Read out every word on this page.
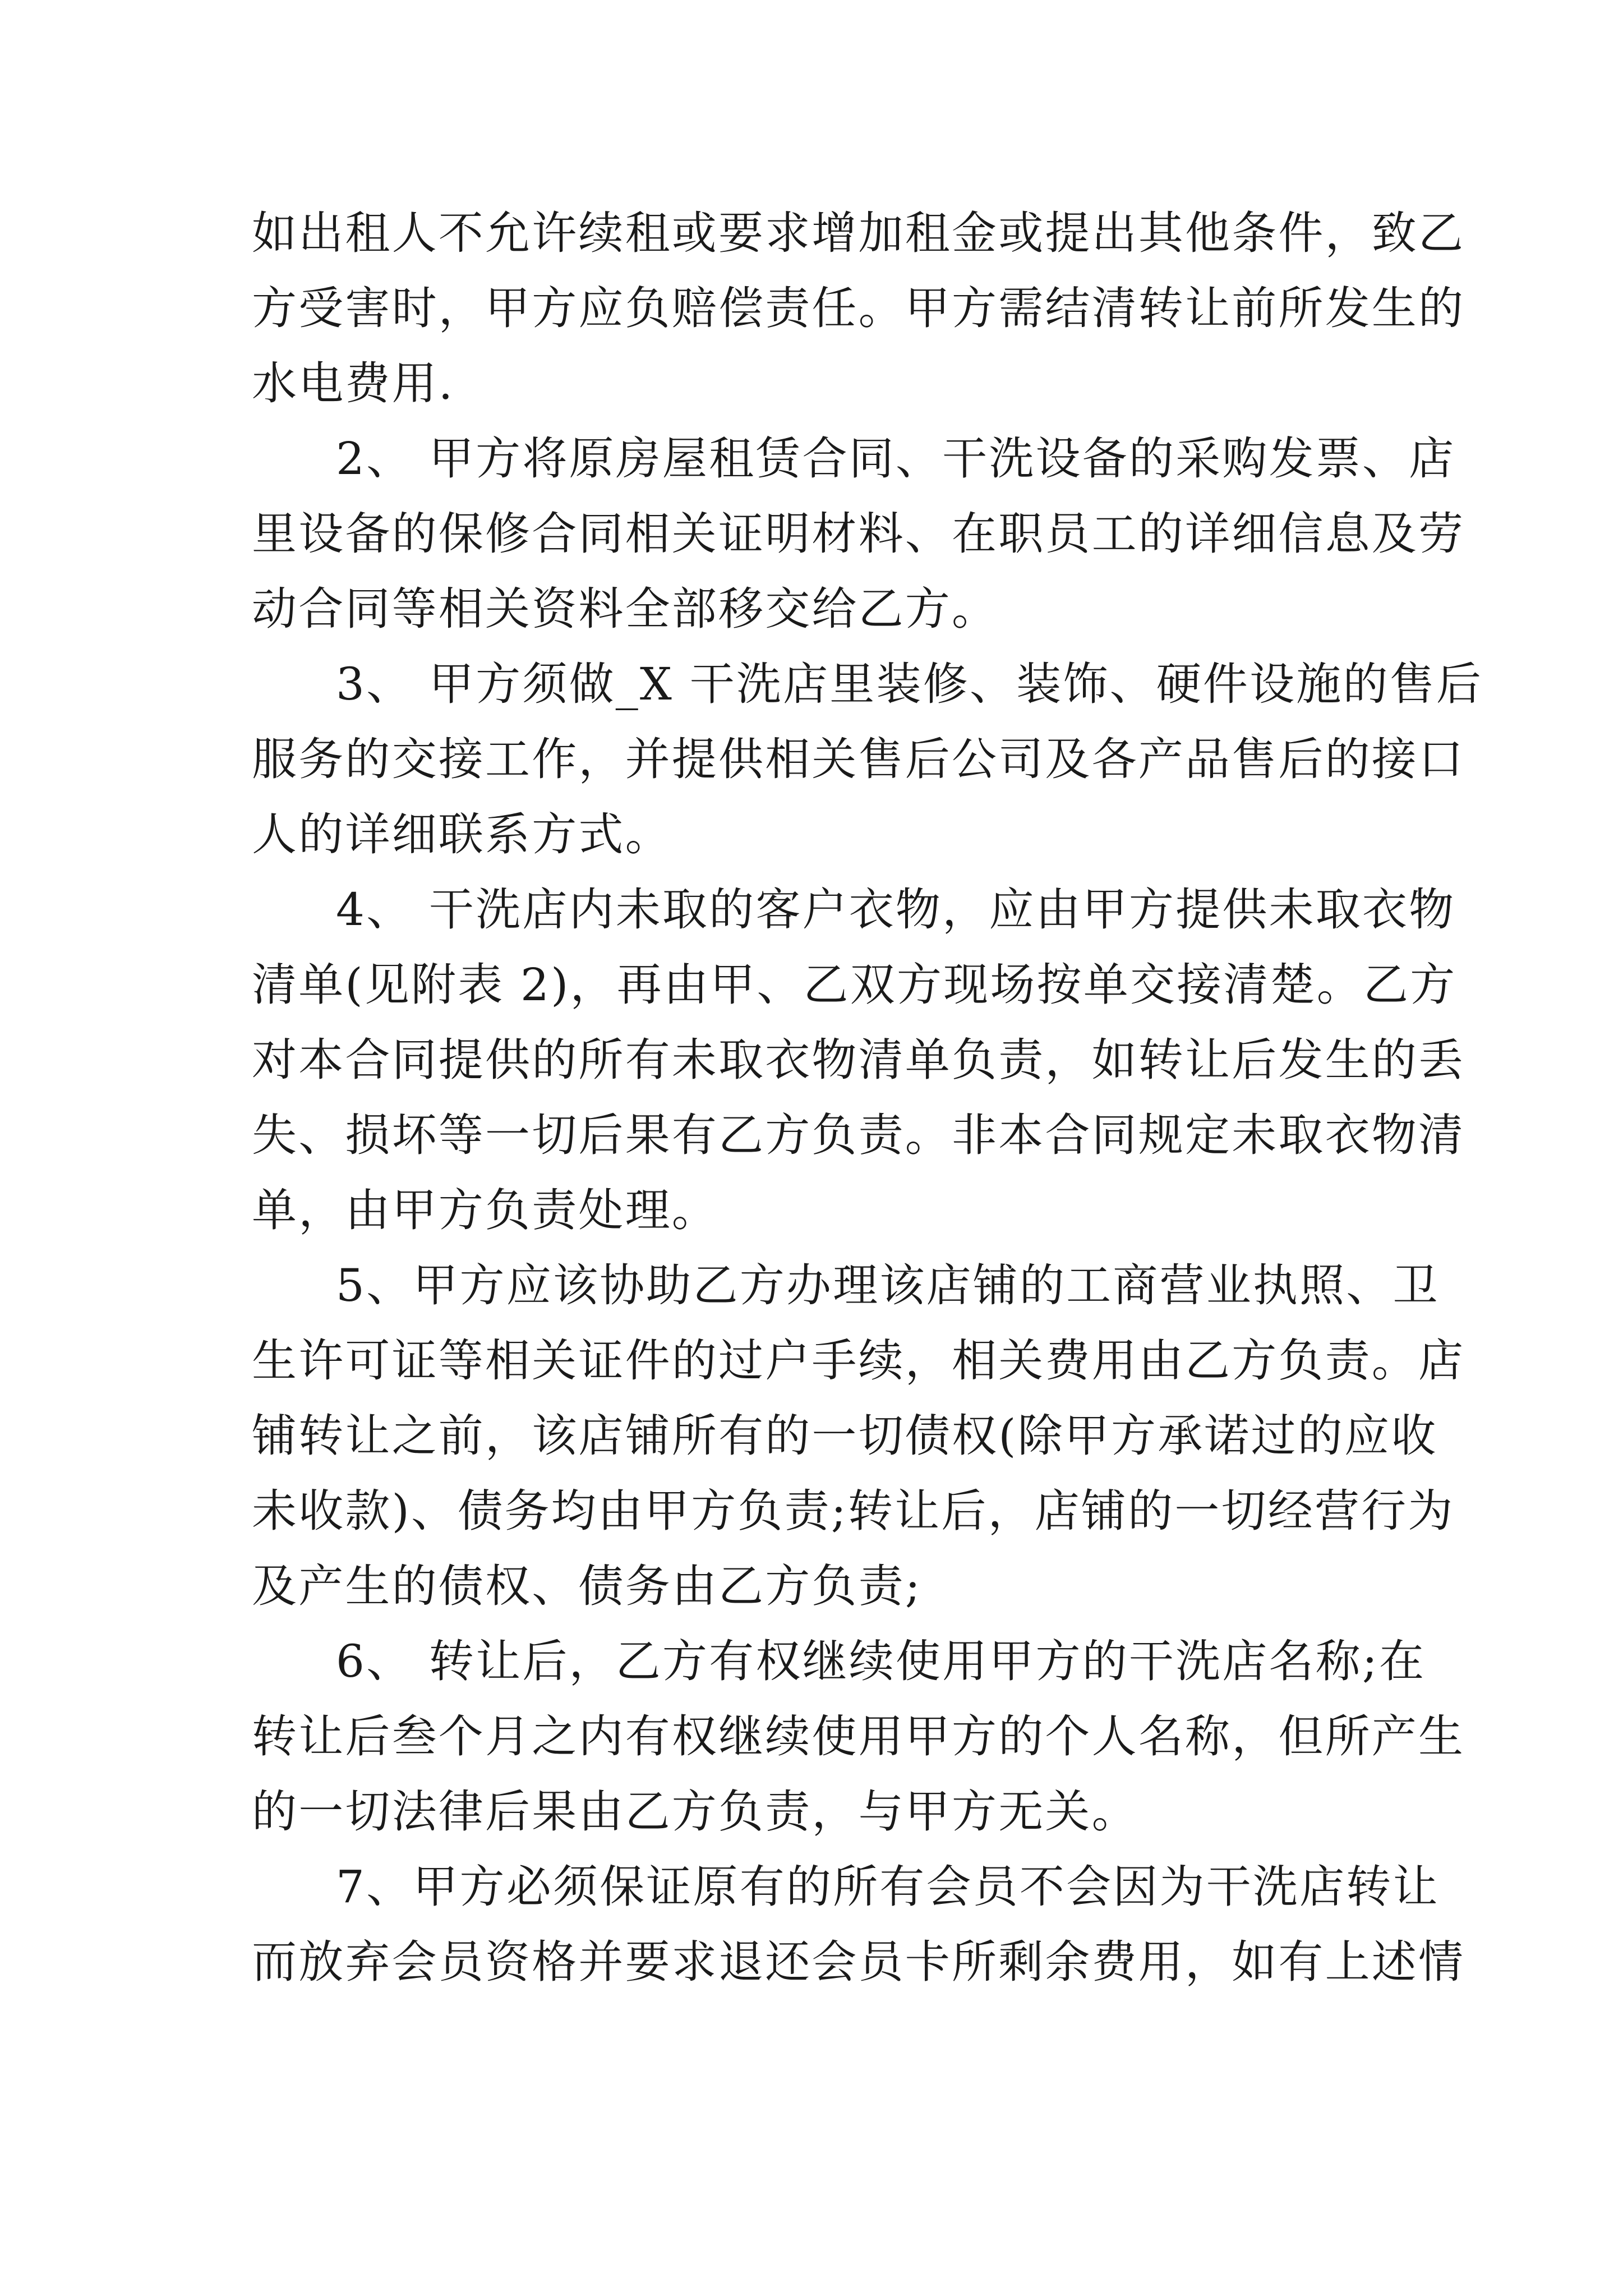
如出租人不允许续租或要求增加租金或提出其他条件，致乙
方受害时，甲方应负赔偿责任。甲方需结清转让前所发生的
水电费用.
2、 甲方将原房屋租赁合同、干洗设备的采购发票、店
里设备的保修合同相关证明材料、在职员工的详细信息及劳
动合同等相关资料全部移交给乙方。
3、 甲方须做_X 干洗店里装修、装饰、硬件设施的售后
服务的交接工作，并提供相关售后公司及各产品售后的接口
人的详细联系方式。
4、 干洗店内未取的客户衣物，应由甲方提供未取衣物
清单(见附表 2)，再由甲、乙双方现场按单交接清楚。乙方
对本合同提供的所有未取衣物清单负责，如转让后发生的丢
失、损坏等一切后果有乙方负责。非本合同规定未取衣物清
单，由甲方负责处理。
5、甲方应该协助乙方办理该店铺的工商营业执照、卫
生许可证等相关证件的过户手续，相关费用由乙方负责。店
铺转让之前，该店铺所有的一切债权(除甲方承诺过的应收
未收款)、债务均由甲方负责;转让后，店铺的一切经营行为
及产生的债权、债务由乙方负责;
6、 转让后，乙方有权继续使用甲方的干洗店名称;在
转让后叁个月之内有权继续使用甲方的个人名称，但所产生
的一切法律后果由乙方负责，与甲方无关。
7、甲方必须保证原有的所有会员不会因为干洗店转让
而放弃会员资格并要求退还会员卡所剩余费用，如有上述情
